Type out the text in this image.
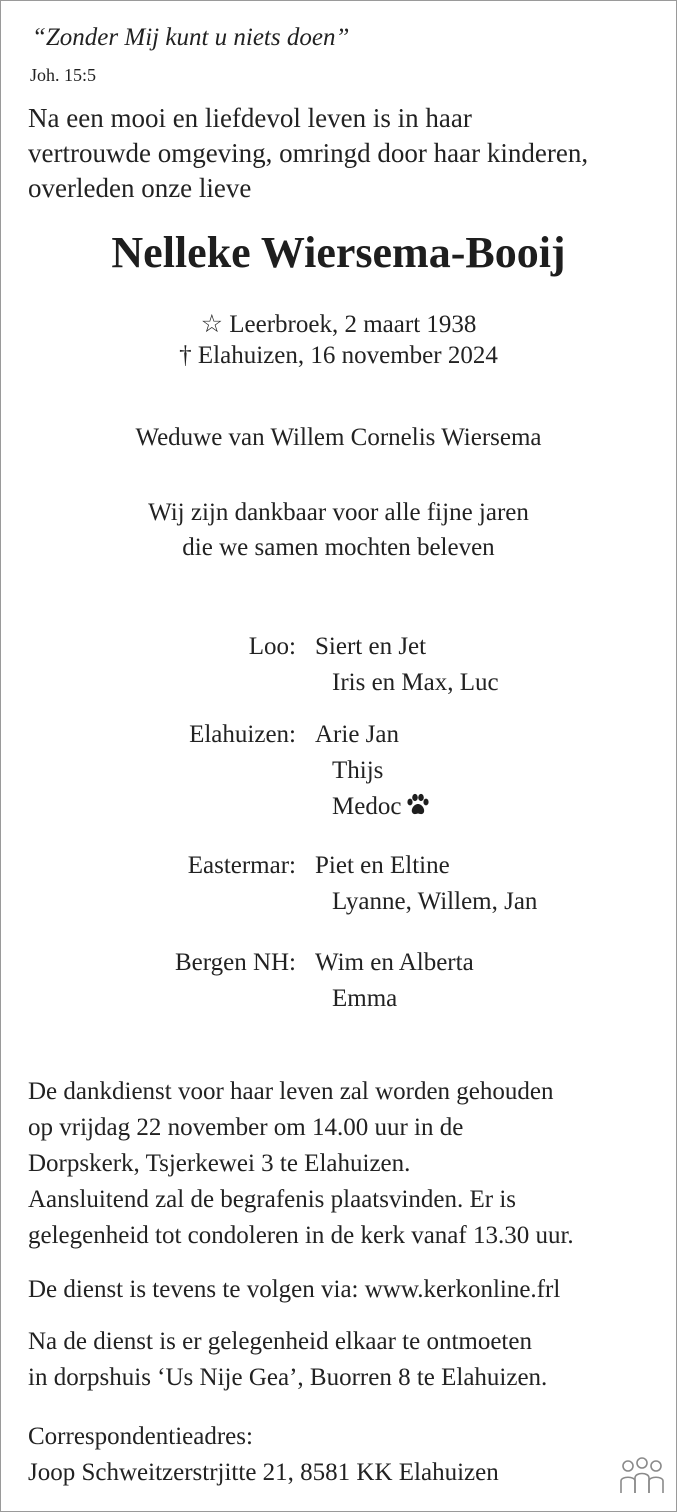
“Zonder Mij kunt u niets doen”

Joh. 15:5

Na een mooi en liefdevol leven is in haar
vertrouwde omgeving, omringd door haar kinderen,
overleden onze lieve

Nelleke Wiersema-Booij

☆ Leerbroek, 2 maart 1938

† Elahuizen, 16 november 2024

Weduwe van Willem Cornelis Wiersema

Wij zijn dankbaar voor alle fijne jaren

die we samen mochten beleven

Loo: Siert en Jet

Iris en Max, Luc

Elahuizen: Arie Jan

Thijs

Medoc

Eastermar: Piet en Eltine

Lyanne, Willem, Jan

Bergen NH: Wim en Alberta

Emma

De dankdienst voor haar leven zal worden gehouden
op vrijdag 22 november om 14.00 uur in de
Dorpskerk, Tsjerkewei 3 te Elahuizen.
Aansluitend zal de begrafenis plaatsvinden. Er is
gelegenheid tot condoleren in de kerk vanaf 13.30 uur.

De dienst is tevens te volgen via: www.kerkonline.frl

Na de dienst is er gelegenheid elkaar te ontmoeten
in dorpshuis ‘Us Nije Gea’, Buorren 8 te Elahuizen.
Correspondentieadres:
Joop Schweitzerstrjitte 21, 8581 KK Elahuizen
